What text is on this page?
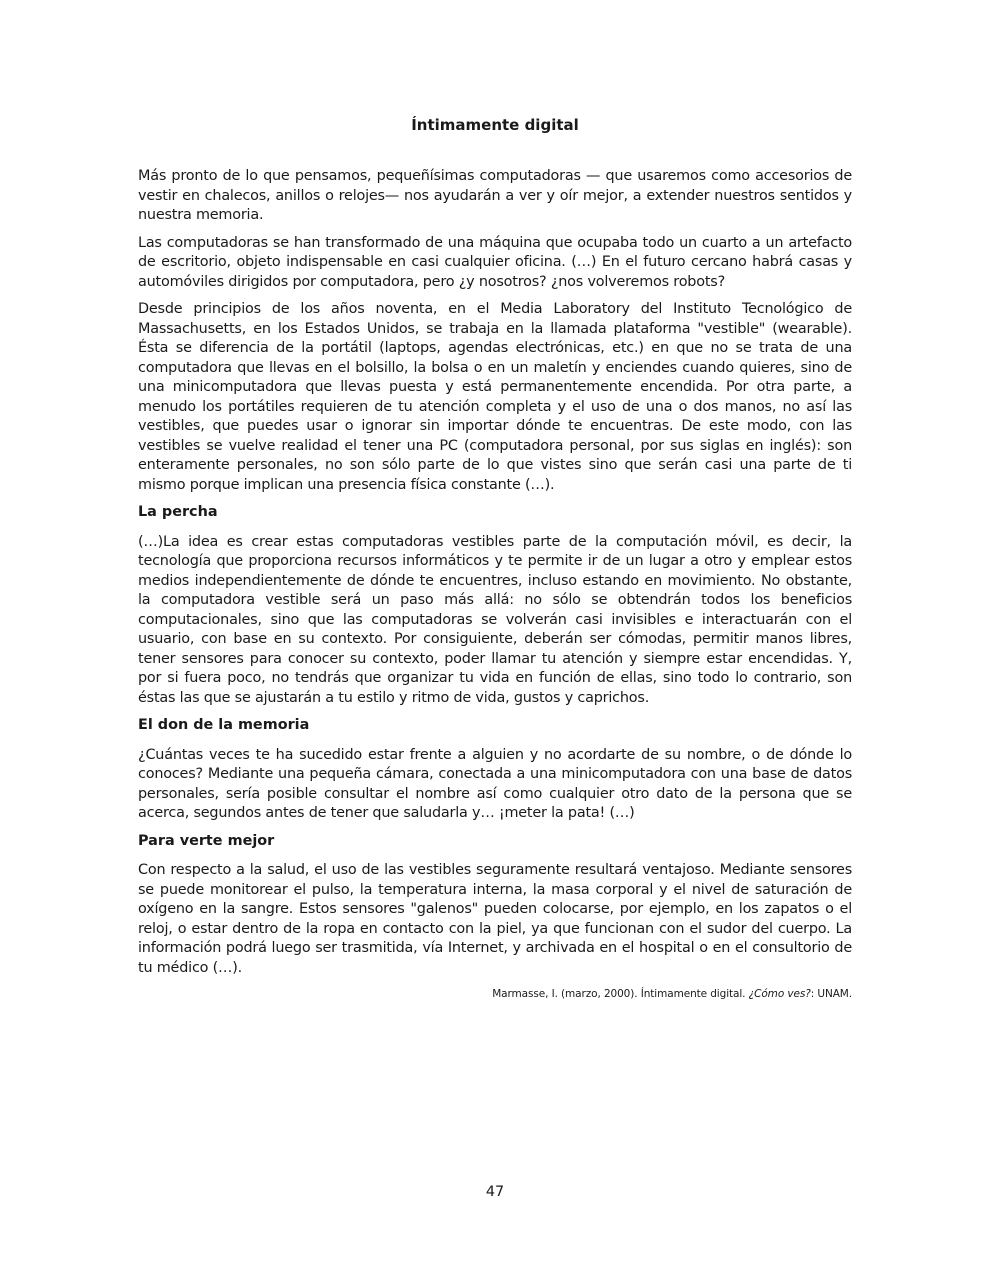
Íntimamente digital

Más pronto de lo que pensamos, pequeñísimas computadoras — que usaremos como accesorios de vestir en chalecos, anillos o relojes— nos ayudarán a ver y oír mejor, a extender nuestros sentidos y nuestra memoria.

Las computadoras se han transformado de una máquina que ocupaba todo un cuarto a un artefacto de escritorio, objeto indispensable en casi cualquier oficina. (…) En el futuro cercano habrá casas y automóviles dirigidos por computadora, pero ¿y nosotros? ¿nos volveremos robots?

Desde principios de los años noventa, en el Media Laboratory del Instituto Tecnológico de Massachusetts, en los Estados Unidos, se trabaja en la llamada plataforma "vestible" (wearable). Ésta se diferencia de la portátil (laptops, agendas electrónicas, etc.) en que no se trata de una computadora que llevas en el bolsillo, la bolsa o en un maletín y enciendes cuando quieres, sino de una minicomputadora que llevas puesta y está permanentemente encendida. Por otra parte, a menudo los portátiles requieren de tu atención completa y el uso de una o dos manos, no así las vestibles, que puedes usar o ignorar sin importar dónde te encuentras. De este modo, con las vestibles se vuelve realidad el tener una PC (computadora personal, por sus siglas en inglés): son enteramente personales, no son sólo parte de lo que vistes sino que serán casi una parte de ti mismo porque implican una presencia física constante (…).

La percha

(…)La idea es crear estas computadoras vestibles parte de la computación móvil, es decir, la tecnología que proporciona recursos informáticos y te permite ir de un lugar a otro y emplear estos medios independientemente de dónde te encuentres, incluso estando en movimiento. No obstante, la computadora vestible será un paso más allá: no sólo se obtendrán todos los beneficios computacionales, sino que las computadoras se volverán casi invisibles e interactuarán con el usuario, con base en su contexto. Por consiguiente, deberán ser cómodas, permitir manos libres, tener sensores para conocer su contexto, poder llamar tu atención y siempre estar encendidas. Y, por si fuera poco, no tendrás que organizar tu vida en función de ellas, sino todo lo contrario, son éstas las que se ajustarán a tu estilo y ritmo de vida, gustos y caprichos.

El don de la memoria

¿Cuántas veces te ha sucedido estar frente a alguien y no acordarte de su nombre, o de dónde lo conoces? Mediante una pequeña cámara, conectada a una minicomputadora con una base de datos personales, sería posible consultar el nombre así como cualquier otro dato de la persona que se acerca, segundos antes de tener que saludarla y… ¡meter la pata! (…)

Para verte mejor

Con respecto a la salud, el uso de las vestibles seguramente resultará ventajoso. Mediante sensores se puede monitorear el pulso, la temperatura interna, la masa corporal y el nivel de saturación de oxígeno en la sangre. Estos sensores "galenos" pueden colocarse, por ejemplo, en los zapatos o el reloj, o estar dentro de la ropa en contacto con la piel, ya que funcionan con el sudor del cuerpo. La información podrá luego ser trasmitida, vía Internet, y archivada en el hospital o en el consultorio de tu médico (…).

Marmasse, I. (marzo, 2000). Íntimamente digital. ¿Cómo ves?: UNAM.
47
